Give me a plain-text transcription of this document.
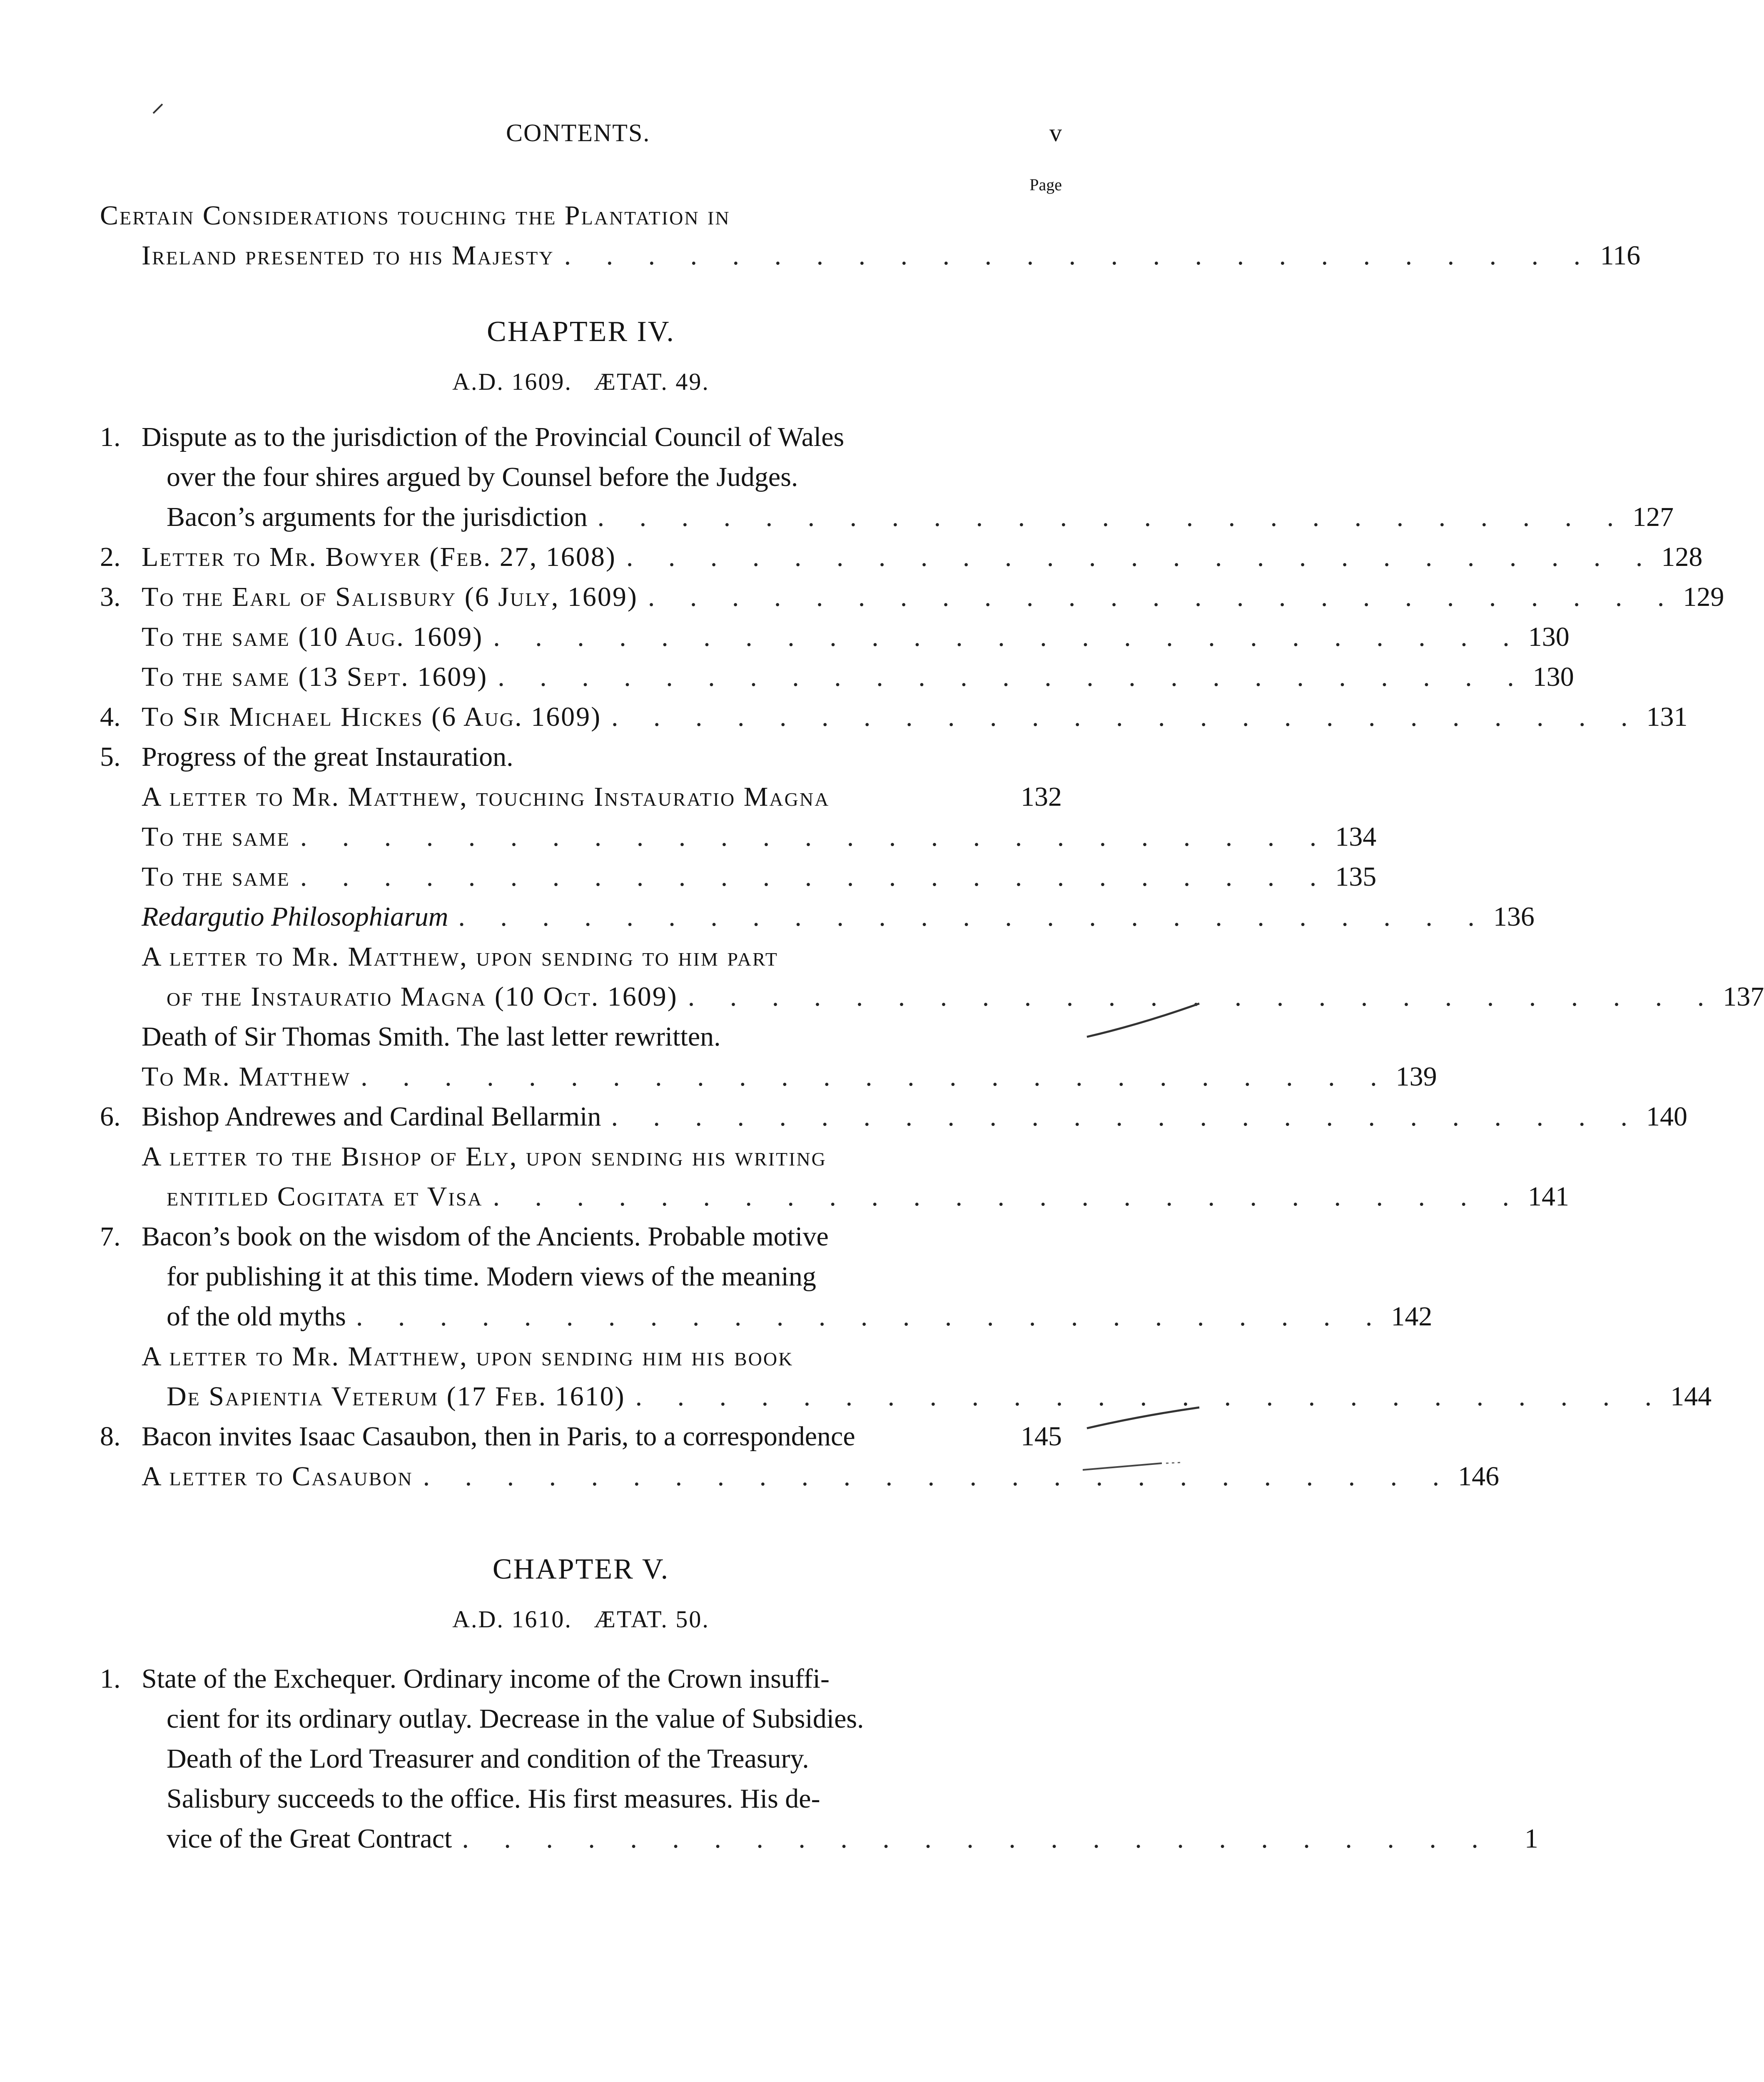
CONTENTS.	v
Page
Certain Considerations touching the Plantation in
Ireland presented to his Majesty . . . . . . . . . . . . . . . . . . . . . . . . . 116
CHAPTER IV.
A.D. 1609. ÆTAT. 49.
1. Dispute as to the jurisdiction of the Provincial Council of Wales
over the four shires argued by Counsel before the Judges.
Bacon’s arguments for the jurisdiction . . . . . . . . . . . . . . . . . . . . . . . . . 127
2. Letter to Mr. Bowyer (Feb. 27, 1608) . . . . . . . . . . . . . . . . . . . . . . . . . 128
3. To the Earl of Salisbury (6 July, 1609) . . . . . . . . . . . . . . . . . . . . . . . . . 129
To the same (10 Aug. 1609) . . . . . . . . . . . . . . . . . . . . . . . . . 130
To the same (13 Sept. 1609) . . . . . . . . . . . . . . . . . . . . . . . . . 130
4. To Sir Michael Hickes (6 Aug. 1609) . . . . . . . . . . . . . . . . . . . . . . . . . 131
5. Progress of the great Instauration.
A letter to Mr. Matthew, touching Instauratio Magna	132
To the same . . . . . . . . . . . . . . . . . . . . . . . . . 134
To the same . . . . . . . . . . . . . . . . . . . . . . . . . 135
Redargutio Philosophiarum . . . . . . . . . . . . . . . . . . . . . . . . . 136
A letter to Mr. Matthew, upon sending to him part
of the Instauratio Magna (10 Oct. 1609) . . . . . . . . . . . . . . . . . . . . . . . . . 137
Death of Sir Thomas Smith. The last letter rewritten.
To Mr. Matthew . . . . . . . . . . . . . . . . . . . . . . . . . 139
6. Bishop Andrewes and Cardinal Bellarmin . . . . . . . . . . . . . . . . . . . . . . . . . 140
A letter to the Bishop of Ely, upon sending his writing
entitled Cogitata et Visa . . . . . . . . . . . . . . . . . . . . . . . . . 141
7. Bacon’s book on the wisdom of the Ancients. Probable motive
for publishing it at this time. Modern views of the meaning
of the old myths . . . . . . . . . . . . . . . . . . . . . . . . . 142
A letter to Mr. Matthew, upon sending him his book
De Sapientia Veterum (17 Feb. 1610) . . . . . . . . . . . . . . . . . . . . . . . . . 144
8. Bacon invites Isaac Casaubon, then in Paris, to a correspondence	145
A letter to Casaubon . . . . . . . . . . . . . . . . . . . . . . . . . 146
CHAPTER V.
A.D. 1610. ÆTAT. 50.
1. State of the Exchequer. Ordinary income of the Crown insuffi-
cient for its ordinary outlay. Decrease in the value of Subsidies.
Death of the Lord Treasurer and condition of the Treasury.
Salisbury succeeds to the office. His first measures. His de-
vice of the Great Contract . . . . . . . . . . . . . . . . . . . . . . . . .	1
